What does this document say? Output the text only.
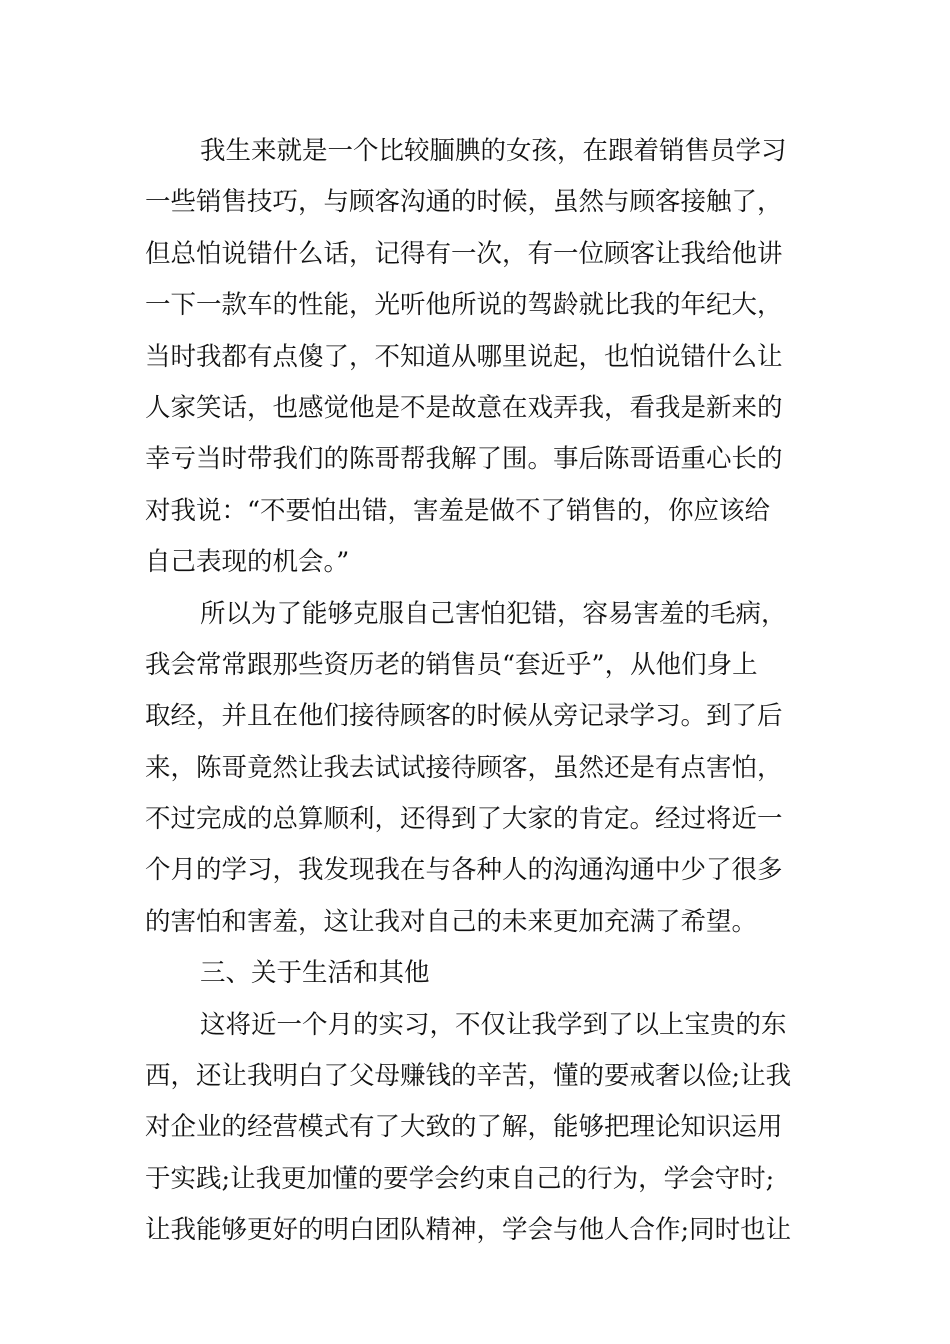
我生来就是一个比较腼腆的女孩，在跟着销售员学习
一些销售技巧，与顾客沟通的时候，虽然与顾客接触了，
但总怕说错什么话，记得有一次，有一位顾客让我给他讲
一下一款车的性能，光听他所说的驾龄就比我的年纪大，
当时我都有点傻了，不知道从哪里说起，也怕说错什么让
人家笑话，也感觉他是不是故意在戏弄我，看我是新来的
幸亏当时带我们的陈哥帮我解了围。事后陈哥语重心长的
对我说：“不要怕出错，害羞是做不了销售的，你应该给
自己表现的机会。”
所以为了能够克服自己害怕犯错，容易害羞的毛病，
我会常常跟那些资历老的销售员“套近乎”，从他们身上
取经，并且在他们接待顾客的时候从旁记录学习。到了后
来，陈哥竟然让我去试试接待顾客，虽然还是有点害怕，
不过完成的总算顺利，还得到了大家的肯定。经过将近一
个月的学习，我发现我在与各种人的沟通沟通中少了很多
的害怕和害羞，这让我对自己的未来更加充满了希望。
三、关于生活和其他
这将近一个月的实习，不仅让我学到了以上宝贵的东
西，还让我明白了父母赚钱的辛苦，懂的要戒奢以俭;让我
对企业的经营模式有了大致的了解，能够把理论知识运用
于实践;让我更加懂的要学会约束自己的行为，学会守时;
让我能够更好的明白团队精神，学会与他人合作;同时也让
